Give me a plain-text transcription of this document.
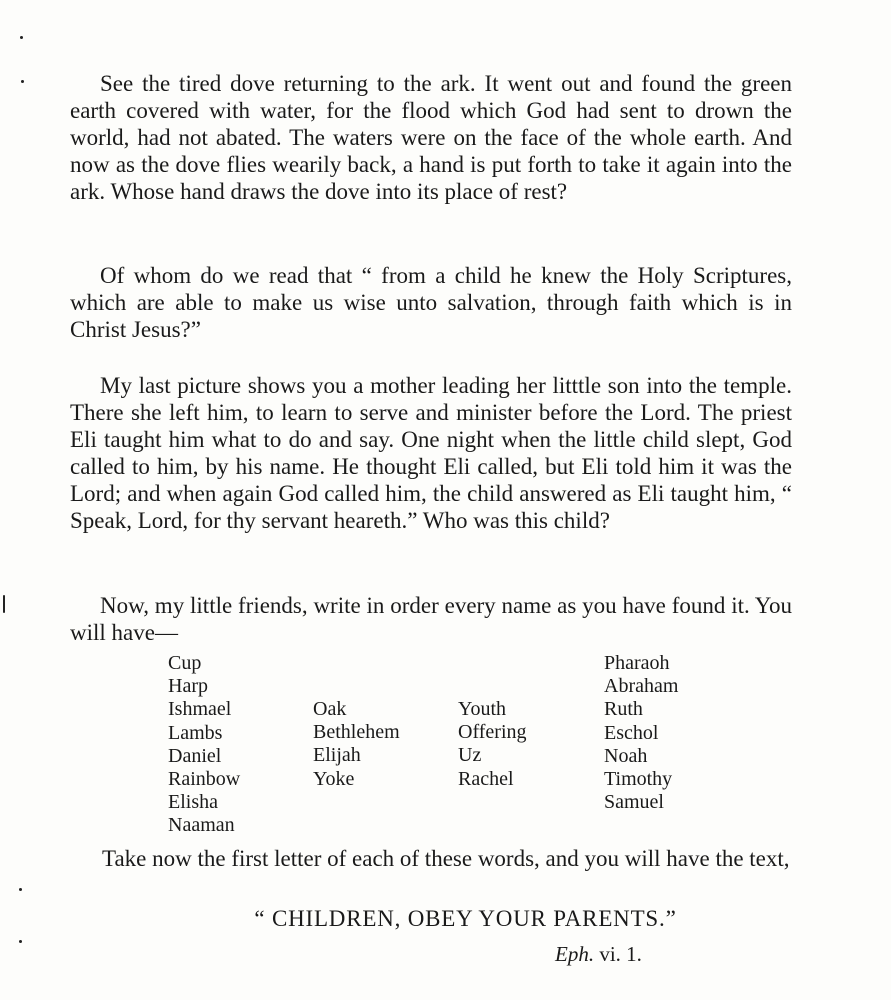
See the tired dove returning to the ark. It went out and found the green earth covered with water, for the flood which God had sent to drown the world, had not abated. The waters were on the face of the whole earth. And now as the dove flies wearily back, a hand is put forth to take it again into the ark. Whose hand draws the dove into its place of rest?

Of whom do we read that “ from a child he knew the Holy Scriptures, which are able to make us wise unto salvation, through faith which is in Christ Jesus?”

My last picture shows you a mother leading her litttle son into the temple. There she left him, to learn to serve and minister before the Lord. The priest Eli taught him what to do and say. One night when the little child slept, God called to him, by his name. He thought Eli called, but Eli told him it was the Lord; and when again God called him, the child answered as Eli taught him, “ Speak, Lord, for thy servant heareth.” Who was this child?

Now, my little friends, write in order every name as you have found it. You will have—

Cup
Harp
Ishmael
Lambs
Daniel
Rainbow
Elisha
Naaman
Oak
Bethlehem
Elijah
Yoke
Youth
Offering
Uz
Rachel
Pharaoh
Abraham
Ruth
Eschol
Noah
Timothy
Samuel

Take now the first letter of each of these words, and you will have the text,

“ CHILDREN, OBEY YOUR PARENTS.”
Eph. vi. 1.
